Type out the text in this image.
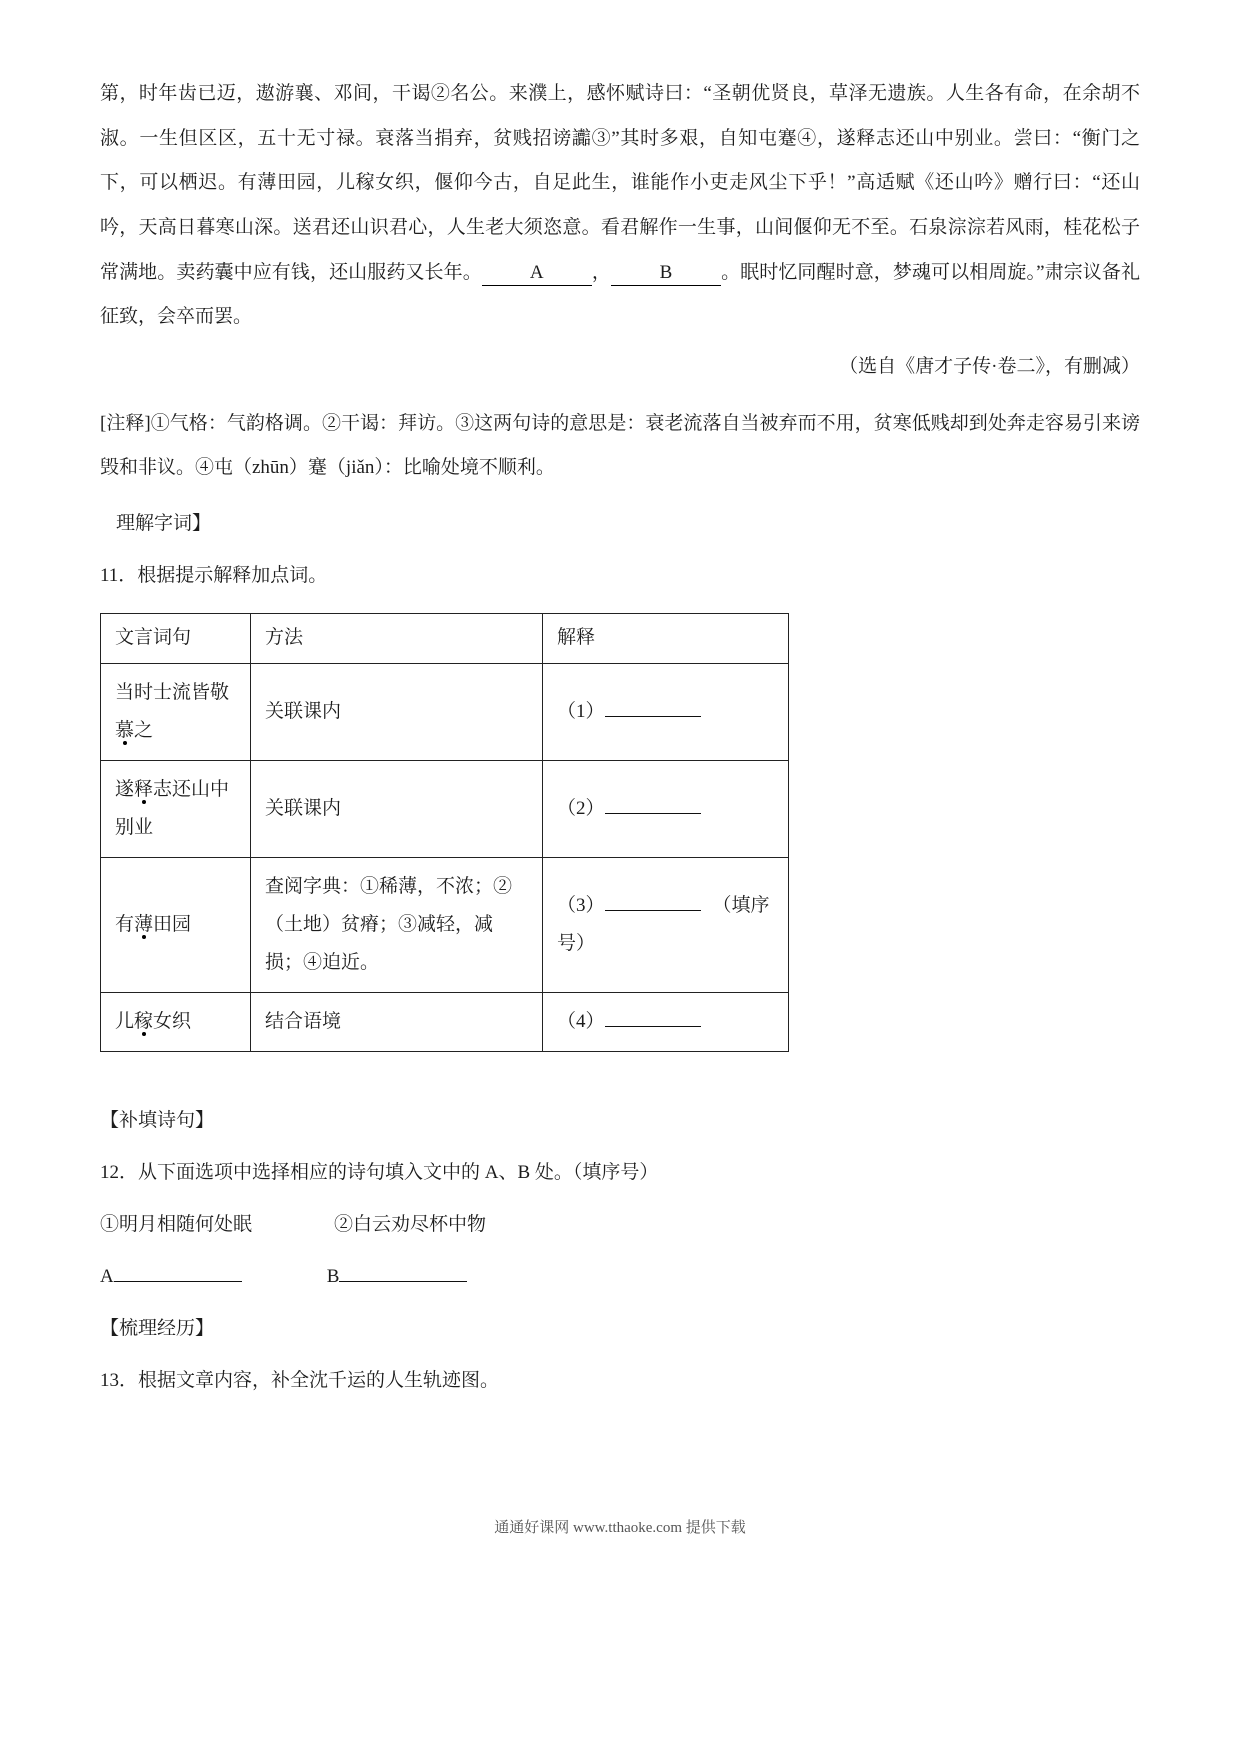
第，时年齿已迈，遨游襄、邓间，干谒②名公。来濮上，感怀赋诗曰：“圣朝优贤良，草泽无遗族。人生各有命，在余胡不淑。一生但区区，五十无寸禄。衰落当捐弃，贫贱招谤讟③”其时多艰，自知屯蹇④，遂释志还山中别业。尝曰：“衡门之下，可以栖迟。有薄田园，儿稼女织，偃仰今古，自足此生，谁能作小吏走风尘下乎！”高适赋《还山吟》赠行曰：“还山吟，天高日暮寒山深。送君还山识君心，人生老大须恣意。看君解作一生事，山间偃仰无不至。石泉淙淙若风雨，桂花松子常满地。卖药囊中应有钱，还山服药又长年。	A	，	B	。眠时忆同醒时意，梦魂可以相周旋。”肃宗议备礼征致，会卒而罢。

（选自《唐才子传·卷二》，有删减）

[注释]①气格：气韵格调。②干谒：拜访。③这两句诗的意思是：衰老流落自当被弃而不用，贫寒低贱却到处奔走容易引来谤毁和非议。④屯（zhūn）蹇（jiǎn）：比喻处境不顺利。

理解字词】

11．根据提示解释加点词。

文言词句	方法	解释
当时士流皆敬慕之	关联课内	（1）
遂释志还山中别业	关联课内	（2）
有薄田园	查阅字典：①稀薄，不浓；②（土地）贫瘠；③减轻，减损；④迫近。	（3） （填序号）
儿稼女织	结合语境	（4）

【补填诗句】

12．从下面选项中选择相应的诗句填入文中的 A、B 处。（填序号）

①明月相随何处眠	②白云劝尽杯中物

A	B

【梳理经历】

13．根据文章内容，补全沈千运的人生轨迹图。

通通好课网 www.tthaoke.com 提供下载
